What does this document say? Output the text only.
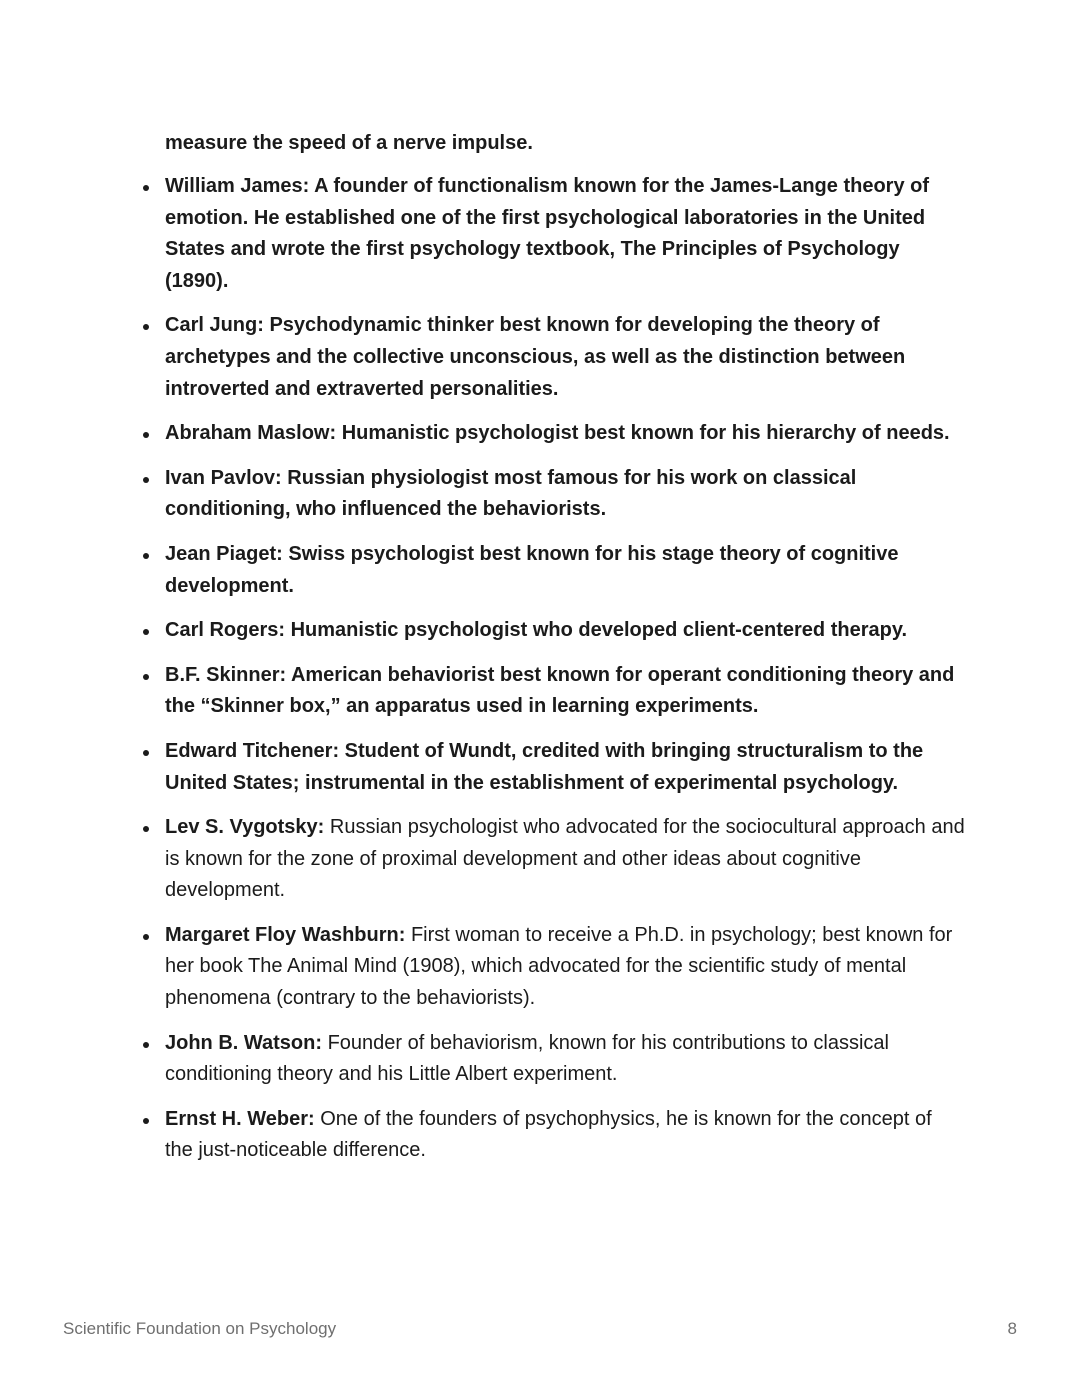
measure the speed of a nerve impulse.

William James: A founder of functionalism known for the James-Lange theory of emotion. He established one of the first psychological laboratories in the United States and wrote the first psychology textbook, The Principles of Psychology (1890).
Carl Jung: Psychodynamic thinker best known for developing the theory of archetypes and the collective unconscious, as well as the distinction between introverted and extraverted personalities.
Abraham Maslow: Humanistic psychologist best known for his hierarchy of needs.
Ivan Pavlov: Russian physiologist most famous for his work on classical conditioning, who influenced the behaviorists.
Jean Piaget: Swiss psychologist best known for his stage theory of cognitive development.
Carl Rogers: Humanistic psychologist who developed client-centered therapy.
B.F. Skinner: American behaviorist best known for operant conditioning theory and the “Skinner box,” an apparatus used in learning experiments.
Edward Titchener: Student of Wundt, credited with bringing structuralism to the United States; instrumental in the establishment of experimental psychology.
Lev S. Vygotsky: Russian psychologist who advocated for the sociocultural approach and is known for the zone of proximal development and other ideas about cognitive development.
Margaret Floy Washburn: First woman to receive a Ph.D. in psychology; best known for her book The Animal Mind (1908), which advocated for the scientific study of mental phenomena (contrary to the behaviorists).
John B. Watson: Founder of behaviorism, known for his contributions to classical conditioning theory and his Little Albert experiment.
Ernst H. Weber: One of the founders of psychophysics, he is known for the concept of the just-noticeable difference.
Scientific Foundation on Psychology	8
